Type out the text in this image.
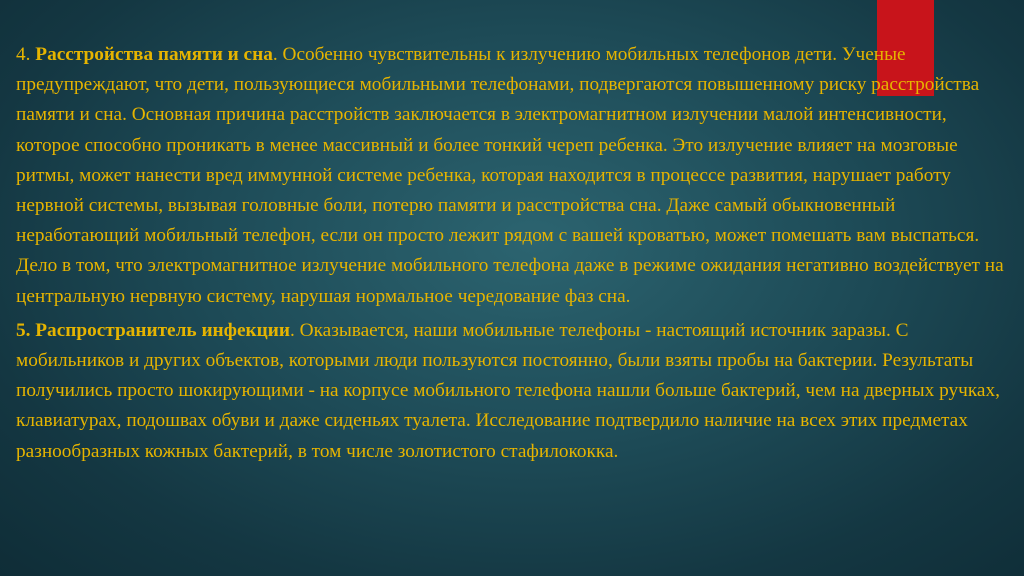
4. Расстройства памяти и сна. Особенно чувствительны к излучению мобильных телефонов дети. Ученые предупреждают, что дети, пользующиеся мобильными телефонами, подвергаются повышенному риску расстройства памяти и сна. Основная причина расстройств заключается в электромагнитном излучении малой интенсивности, которое способно проникать в менее массивный и более тонкий череп ребенка. Это излучение влияет на мозговые ритмы, может нанести вред иммунной системе ребенка, которая находится в процессе развития, нарушает работу нервной системы, вызывая головные боли, потерю памяти и расстройства сна. Даже самый обыкновенный неработающий мобильный телефон, если он просто лежит рядом с вашей кроватью, может помешать вам выспаться. Дело в том, что электромагнитное излучение мобильного телефона даже в режиме ожидания негативно воздействует на центральную нервную систему, нарушая нормальное чередование фаз сна.

5. Распространитель инфекции. Оказывается, наши мобильные телефоны - настоящий источник заразы. С мобильников и других объектов, которыми люди пользуются постоянно, были взяты пробы на бактерии. Результаты получились просто шокирующими - на корпусе мобильного телефона нашли больше бактерий, чем на дверных ручках, клавиатурах, подошвах обуви и даже сиденьях туалета. Исследование подтвердило наличие на всех этих предметах разнообразных кожных бактерий, в том числе золотистого стафилококка.
